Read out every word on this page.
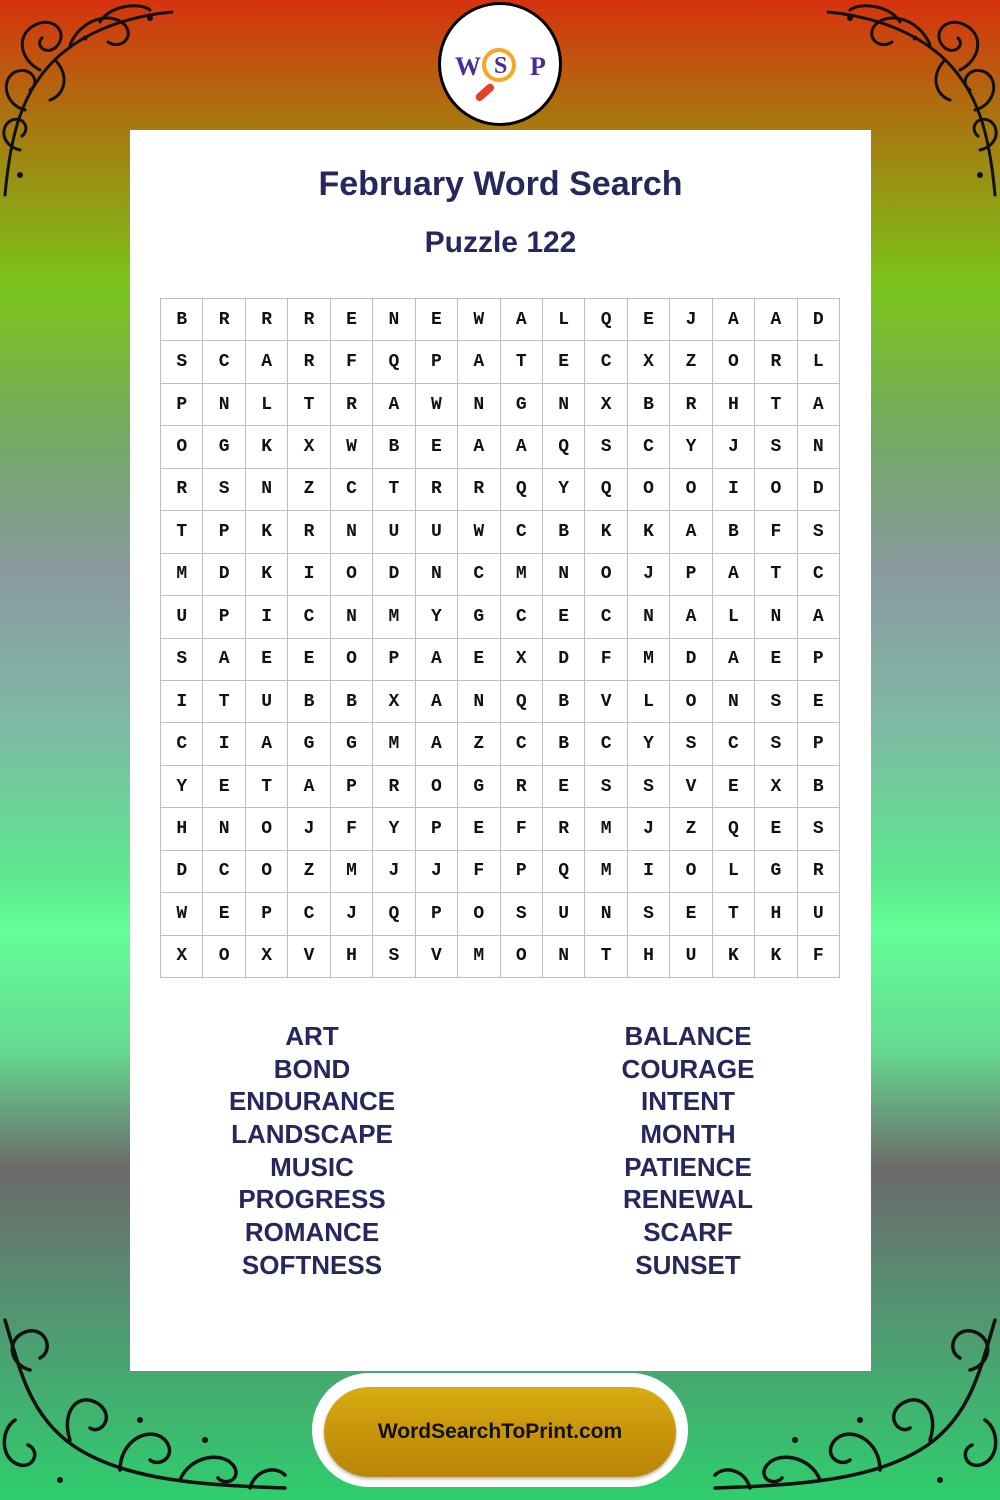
W S P
February Word Search
Puzzle 122
B	R	R	R	E	N	E	W	A	L	Q	E	J	A	A	D
S	C	A	R	F	Q	P	A	T	E	C	X	Z	O	R	L
P	N	L	T	R	A	W	N	G	N	X	B	R	H	T	A
O	G	K	X	W	B	E	A	A	Q	S	C	Y	J	S	N
R	S	N	Z	C	T	R	R	Q	Y	Q	O	O	I	O	D
T	P	K	R	N	U	U	W	C	B	K	K	A	B	F	S
M	D	K	I	O	D	N	C	M	N	O	J	P	A	T	C
U	P	I	C	N	M	Y	G	C	E	C	N	A	L	N	A
S	A	E	E	O	P	A	E	X	D	F	M	D	A	E	P
I	T	U	B	B	X	A	N	Q	B	V	L	O	N	S	E
C	I	A	G	G	M	A	Z	C	B	C	Y	S	C	S	P
Y	E	T	A	P	R	O	G	R	E	S	S	V	E	X	B
H	N	O	J	F	Y	P	E	F	R	M	J	Z	Q	E	S
D	C	O	Z	M	J	J	F	P	Q	M	I	O	L	G	R
W	E	P	C	J	Q	P	O	S	U	N	S	E	T	H	U
X	O	X	V	H	S	V	M	O	N	T	H	U	K	K	F
ART
BOND
ENDURANCE
LANDSCAPE
MUSIC
PROGRESS
ROMANCE
SOFTNESS
BALANCE
COURAGE
INTENT
MONTH
PATIENCE
RENEWAL
SCARF
SUNSET
WordSearchToPrint.com
